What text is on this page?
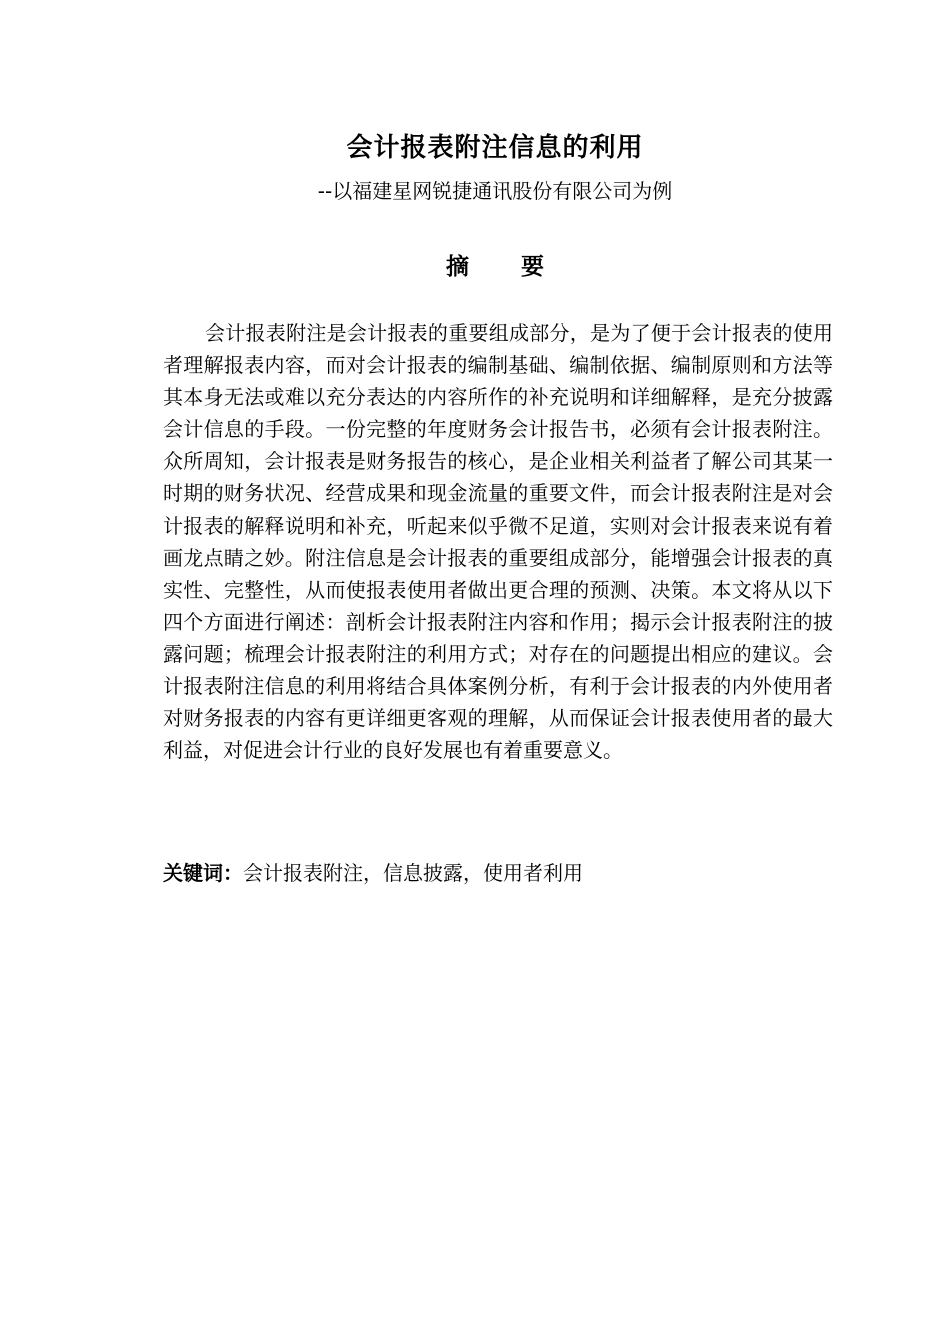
会计报表附注信息的利用
--以福建星网锐捷通讯股份有限公司为例
摘要

会计报表附注是会计报表的重要组成部分，是为了便于会计报表的使用者理解报表内容，而对会计报表的编制基础、编制依据、编制原则和方法等其本身无法或难以充分表达的内容所作的补充说明和详细解释，是充分披露会计信息的手段。一份完整的年度财务会计报告书，必须有会计报表附注。众所周知，会计报表是财务报告的核心，是企业相关利益者了解公司其某一时期的财务状况、经营成果和现金流量的重要文件，而会计报表附注是对会计报表的解释说明和补充，听起来似乎微不足道，实则对会计报表来说有着画龙点睛之妙。附注信息是会计报表的重要组成部分，能增强会计报表的真实性、完整性，从而使报表使用者做出更合理的预测、决策。本文将从以下四个方面进行阐述：剖析会计报表附注内容和作用；揭示会计报表附注的披露问题；梳理会计报表附注的利用方式；对存在的问题提出相应的建议。会计报表附注信息的利用将结合具体案例分析，有利于会计报表的内外使用者对财务报表的内容有更详细更客观的理解，从而保证会计报表使用者的最大利益，对促进会计行业的良好发展也有着重要意义。

关键词：会计报表附注，信息披露，使用者利用
